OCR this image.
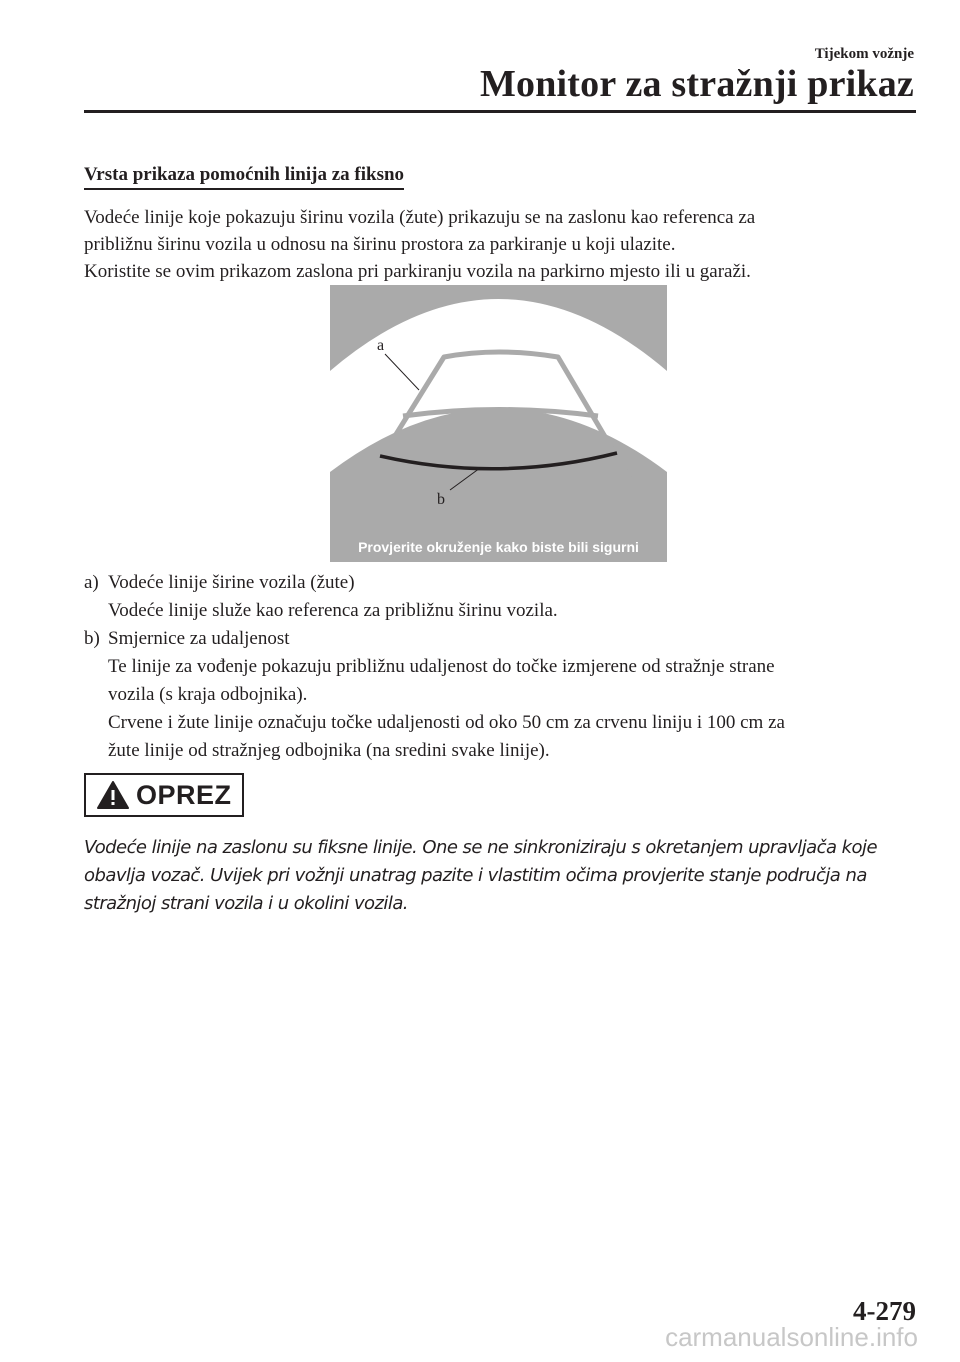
Tijekom vožnje

Monitor za stražnji prikaz
Vrsta prikaza pomoćnih linija za fiksno

Vodeće linije koje pokazuju širinu vozila (žute) prikazuju se na zaslonu kao referenca za

približnu širinu vozila u odnosu na širinu prostora za parkiranje u koji ulazite.

Koristite se ovim prikazom zaslona pri parkiranju vozila na parkirno mjesto ili u garaži.

a
b
Provjerite okruženje kako biste bili sigurni
a) Vodeće linije širine vozila (žute)
Vodeće linije služe kao referenca za približnu širinu vozila.
b) Smjernice za udaljenost
Te linije za vođenje pokazuju približnu udaljenost do točke izmjerene od stražnje strane
vozila (s kraja odbojnika).
Crvene i žute linije označuju točke udaljenosti od oko 50 cm za crvenu liniju i 100 cm za
žute linije od stražnjeg odbojnika (na sredini svake linije).
OPREZ
Vodeće linije na zaslonu su fiksne linije. One se ne sinkroniziraju s okretanjem upravljača koje
obavlja vozač. Uvijek pri vožnji unatrag pazite i vlastitim očima provjerite stanje područja na
stražnjoj strani vozila i u okolini vozila.

4-279

carmanualsonline.info
